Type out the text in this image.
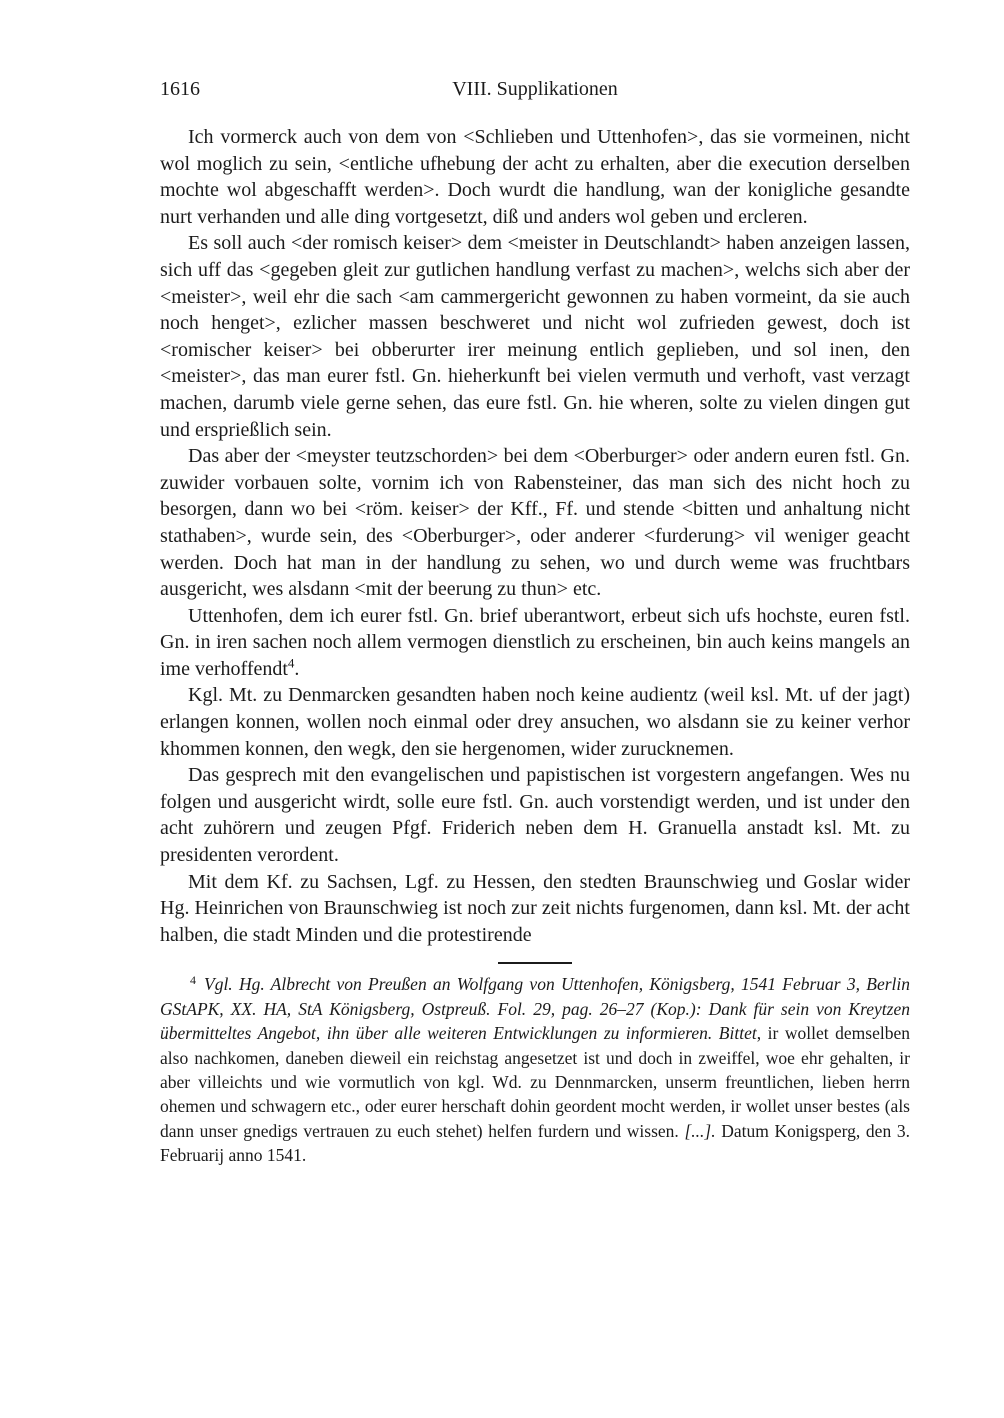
1616	VIII. Supplikationen

Ich vormerck auch von dem von <Schlieben und Uttenhofen>, das sie vormeinen, nicht wol moglich zu sein, <entliche ufhebung der acht zu erhalten, aber die execution derselben mochte wol abgeschafft werden>. Doch wurdt die handlung, wan der konigliche gesandte nurt verhanden und alle ding vortgesetzt, diß und anders wol geben und ercleren.

Es soll auch <der romisch keiser> dem <meister in Deutschlandt> haben anzeigen lassen, sich uff das <gegeben gleit zur gutlichen handlung verfast zu machen>, welchs sich aber der <meister>, weil ehr die sach <am cammergericht gewonnen zu haben vormeint, da sie auch noch henget>, ezlicher massen beschweret und nicht wol zufrieden gewest, doch ist <romischer keiser> bei obberurter irer meinung entlich geplieben, und sol inen, den <meister>, das man eurer fstl. Gn. hieherkunft bei vielen vermuth und verhoft, vast verzagt machen, darumb viele gerne sehen, das eure fstl. Gn. hie wheren, solte zu vielen dingen gut und ersprießlich sein.

Das aber der <meyster teutzschorden> bei dem <Oberburger> oder andern euren fstl. Gn. zuwider vorbauen solte, vornim ich von Rabensteiner, das man sich des nicht hoch zu besorgen, dann wo bei <röm. keiser> der Kff., Ff. und stende <bitten und anhaltung nicht stathaben>, wurde sein, des <Oberburger>, oder anderer <furderung> vil weniger geacht werden. Doch hat man in der handlung zu sehen, wo und durch weme was fruchtbars ausgericht, wes alsdann <mit der beerung zu thun> etc.

Uttenhofen, dem ich eurer fstl. Gn. brief uberantwort, erbeut sich ufs hochste, euren fstl. Gn. in iren sachen noch allem vermogen dienstlich zu erscheinen, bin auch keins mangels an ime verhoffendt$^4$.

Kgl. Mt. zu Denmarcken gesandten haben noch keine audientz (weil ksl. Mt. uf der jagt) erlangen konnen, wollen noch einmal oder drey ansuchen, wo alsdann sie zu keiner verhor khommen konnen, den wegk, den sie hergenomen, wider zurucknemen.

Das gesprech mit den evangelischen und papistischen ist vorgestern angefangen. Wes nu folgen und ausgericht wirdt, solle eure fstl. Gn. auch vorstendigt werden, und ist under den acht zuhörern und zeugen Pfgf. Friderich neben dem H. Granuella anstadt ksl. Mt. zu presidenten verordent.

Mit dem Kf. zu Sachsen, Lgf. zu Hessen, den stedten Braunschwieg und Goslar wider Hg. Heinrichen von Braunschwieg ist noch zur zeit nichts furgenomen, dann ksl. Mt. der acht halben, die stadt Minden und die protestirende

$^4$ Vgl. Hg. Albrecht von Preußen an Wolfgang von Uttenhofen, Königsberg, 1541 Februar 3, Berlin GStAPK, XX. HA, StA Königsberg, Ostpreuß. Fol. 29, pag. 26–27 (Kop.): Dank für sein von Kreytzen übermitteltes Angebot, ihn über alle weiteren Entwicklungen zu informieren. Bittet, ir wollet demselben also nachkomen, daneben dieweil ein reichstag angesetzet ist und doch in zweiffel, woe ehr gehalten, ir aber villeichts und wie vormutlich von kgl. Wd. zu Dennmarcken, unserm freuntlichen, lieben herrn ohemen und schwagern etc., oder eurer herschaft dohin geordent mocht werden, ir wollet unser bestes (als dann unser gnedigs vertrauen zu euch stehet) helfen furdern und wissen. [...]. Datum Konigsperg, den 3. Februarij anno 1541.
